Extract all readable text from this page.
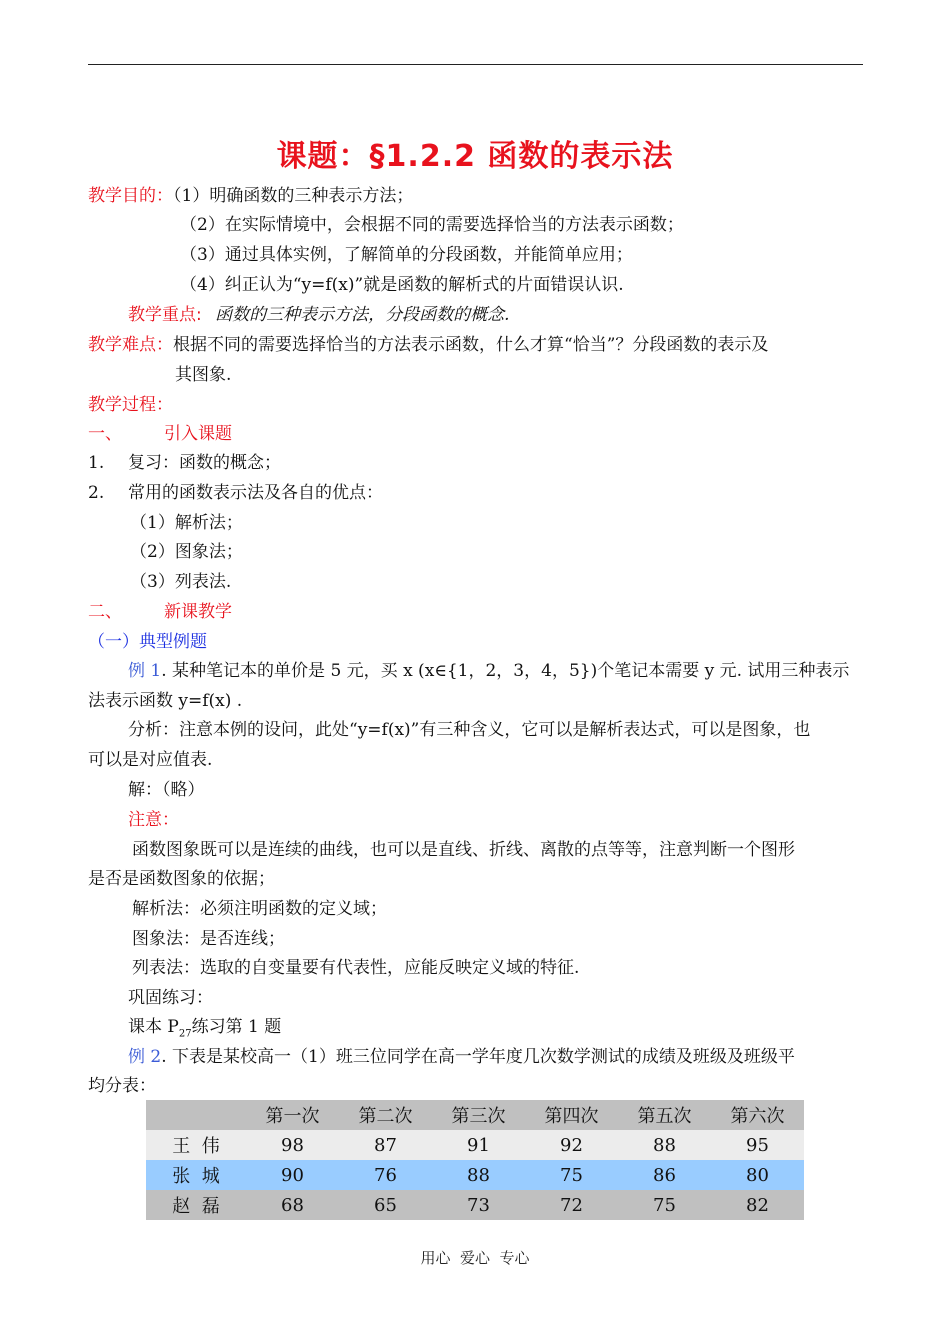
课题：§1.2.2 函数的表示法
教学目的：（1）明确函数的三种表示方法；
（2）在实际情境中，会根据不同的需要选择恰当的方法表示函数；
（3）通过具体实例，了解简单的分段函数，并能简单应用；
（4）纠正认为“y=f(x)”就是函数的解析式的片面错误认识.
教学重点: 函数的三种表示方法，分段函数的概念.
教学难点：根据不同的需要选择恰当的方法表示函数，什么才算“恰当”？分段函数的表示及
其图象.
教学过程：
一、 引入课题
1. 复习：函数的概念；
2. 常用的函数表示法及各自的优点：
（1）解析法；
（2）图象法；
（3）列表法.
二、 新课教学
（一）典型例题
例 1. 某种笔记本的单价是 5 元，买 x (x∈{1，2，3，4，5})个笔记本需要 y 元. 试用三种表示
法表示函数 y=f(x) .
分析：注意本例的设问，此处“y=f(x)”有三种含义，它可以是解析表达式，可以是图象，也
可以是对应值表.
解：（略）
注意：
函数图象既可以是连续的曲线，也可以是直线、折线、离散的点等等，注意判断一个图形
是否是函数图象的依据；
解析法：必须注明函数的定义域；
图象法：是否连线；
列表法：选取的自变量要有代表性，应能反映定义域的特征.
巩固练习：
课本 $P_{27}$练习第 1 题
例 2. 下表是某校高一（1）班三位同学在高一学年度几次数学测试的成绩及班级及班级平
均分表：
	第一次	第二次	第三次	第四次	第五次	第六次
王  伟	98	87	91	92	88	95
张  城	90	76	88	75	86	80
赵  磊	68	65	73	72	75	82
用心  爱心  专心
